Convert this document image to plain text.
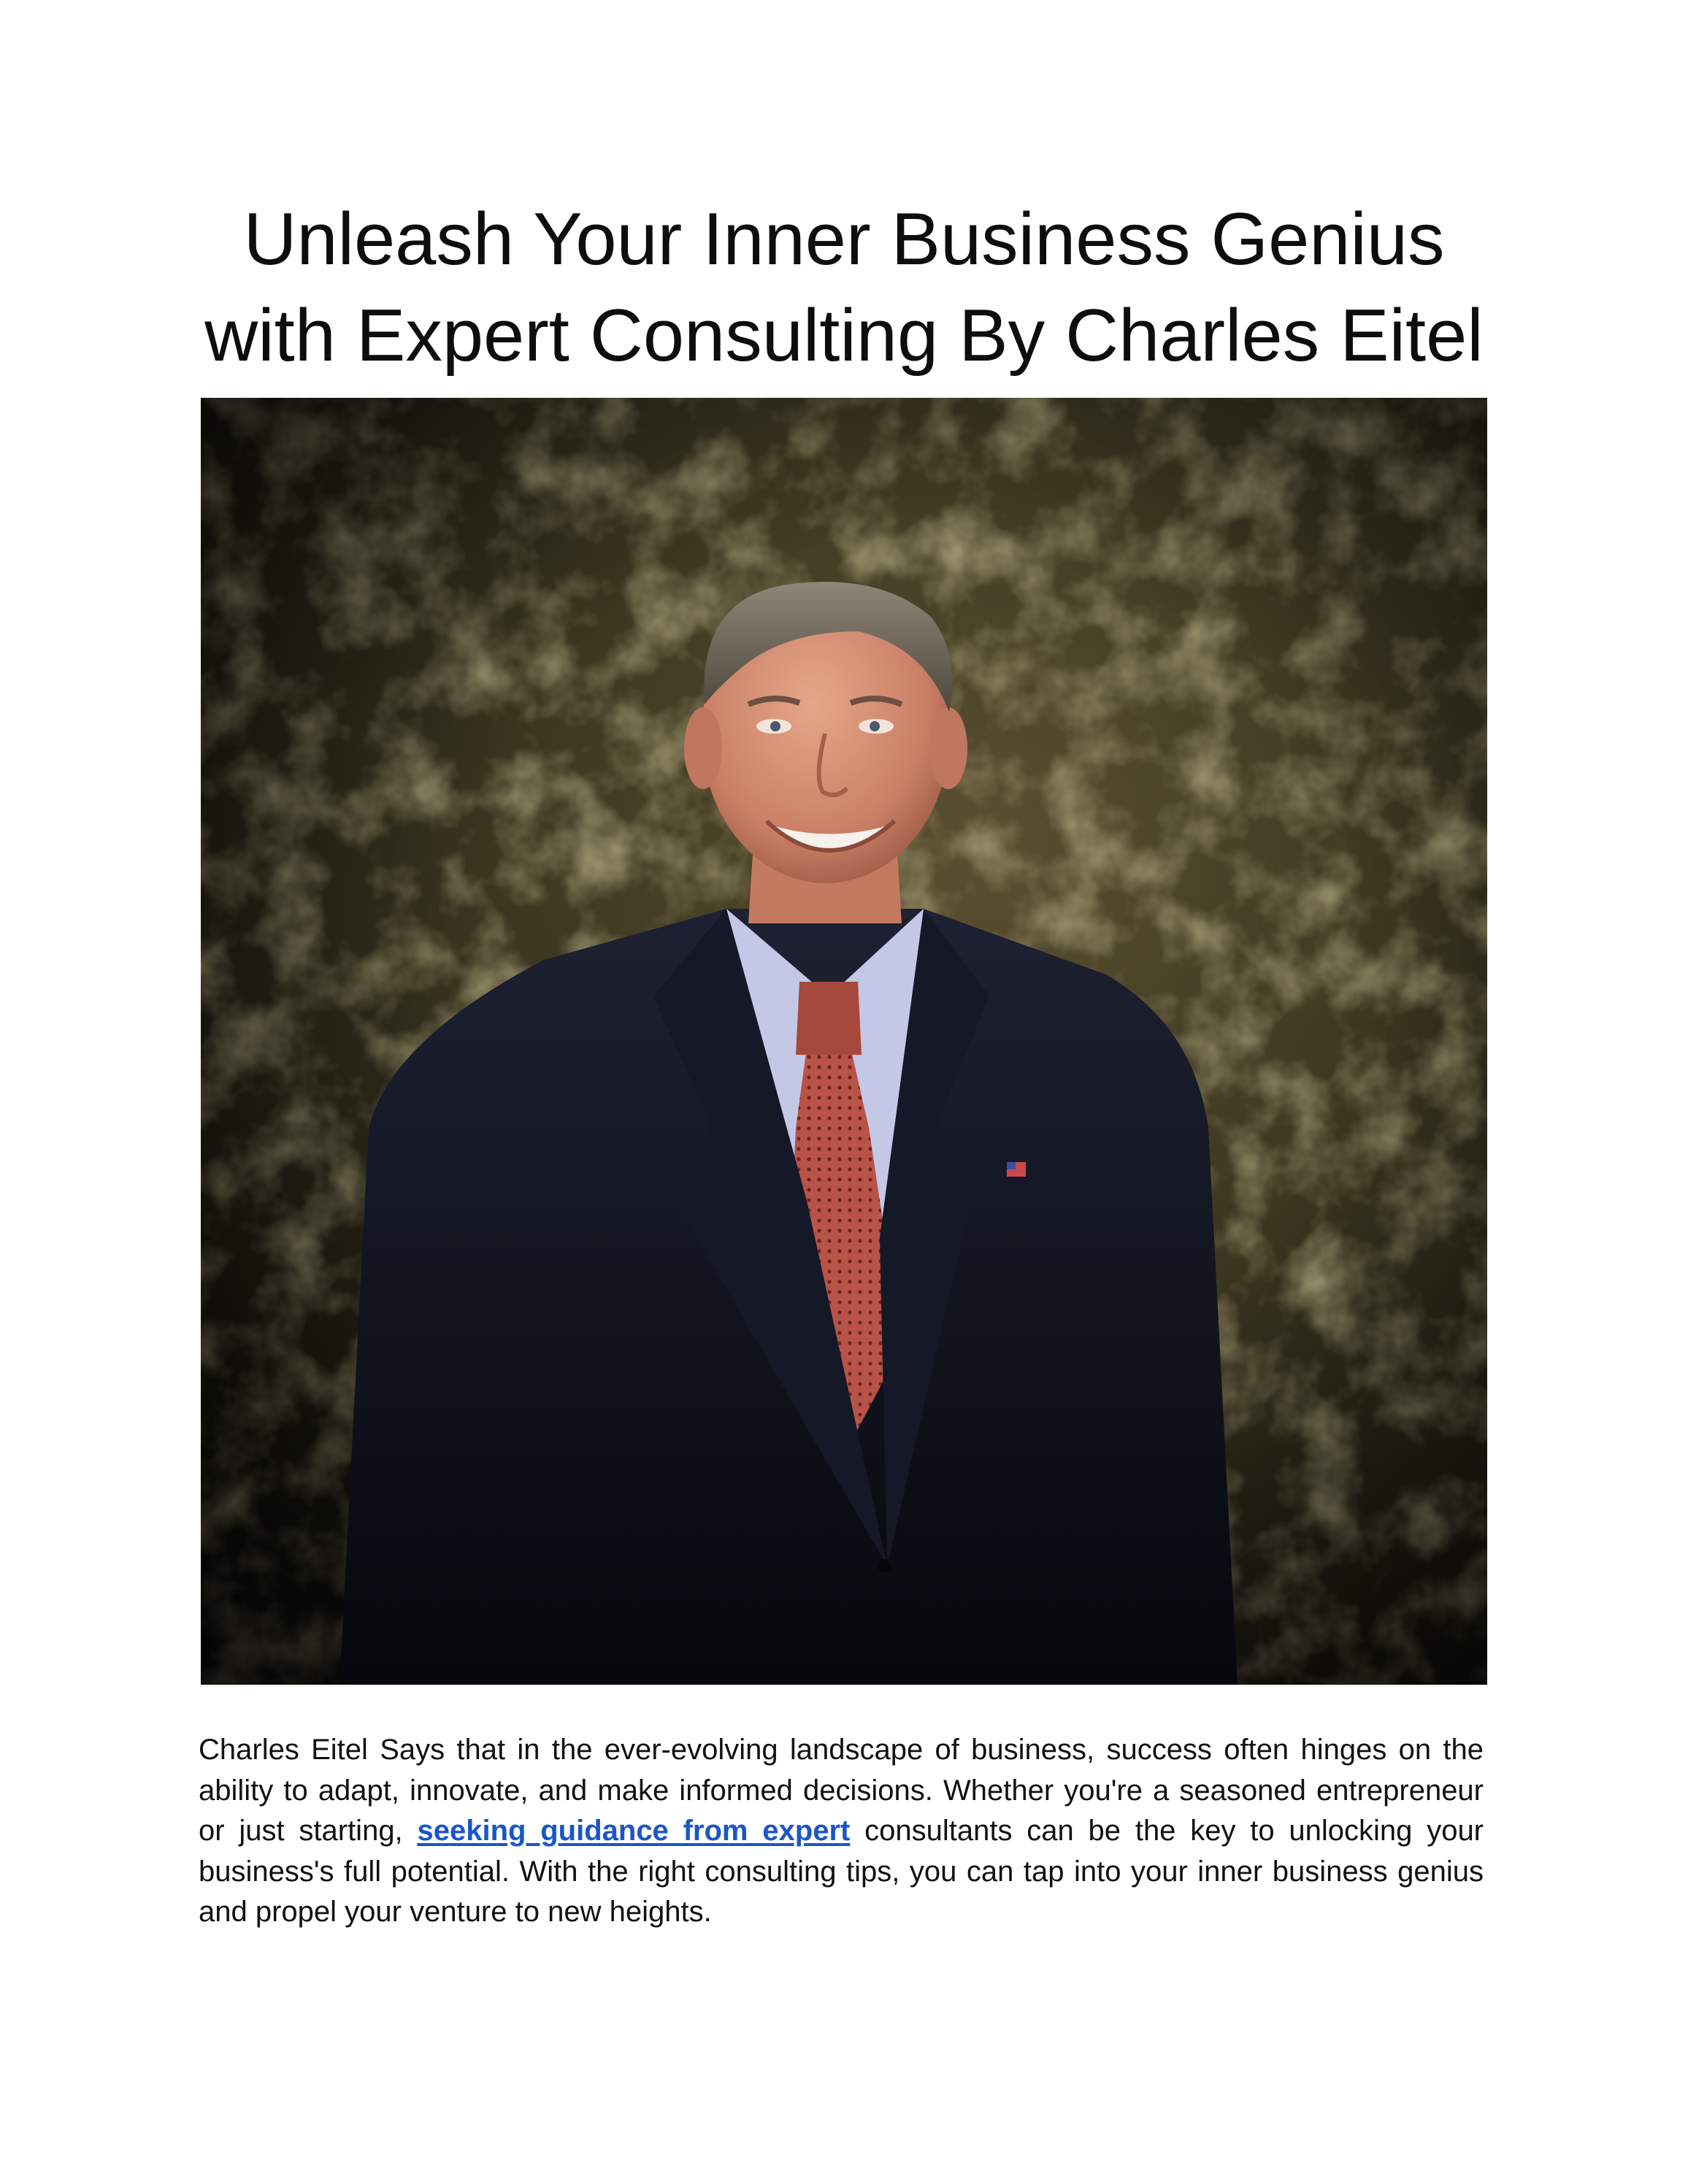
Unleash Your Inner Business Genius
with Expert Consulting By Charles Eitel

Charles Eitel Says that in the ever-evolving landscape of business, success often hinges on the ability to adapt, innovate, and make informed decisions. Whether you're a seasoned entrepreneur or just starting, seeking guidance from expert consultants can be the key to unlocking your business's full potential. With the right consulting tips, you can tap into your inner business genius and propel your venture to new heights.
